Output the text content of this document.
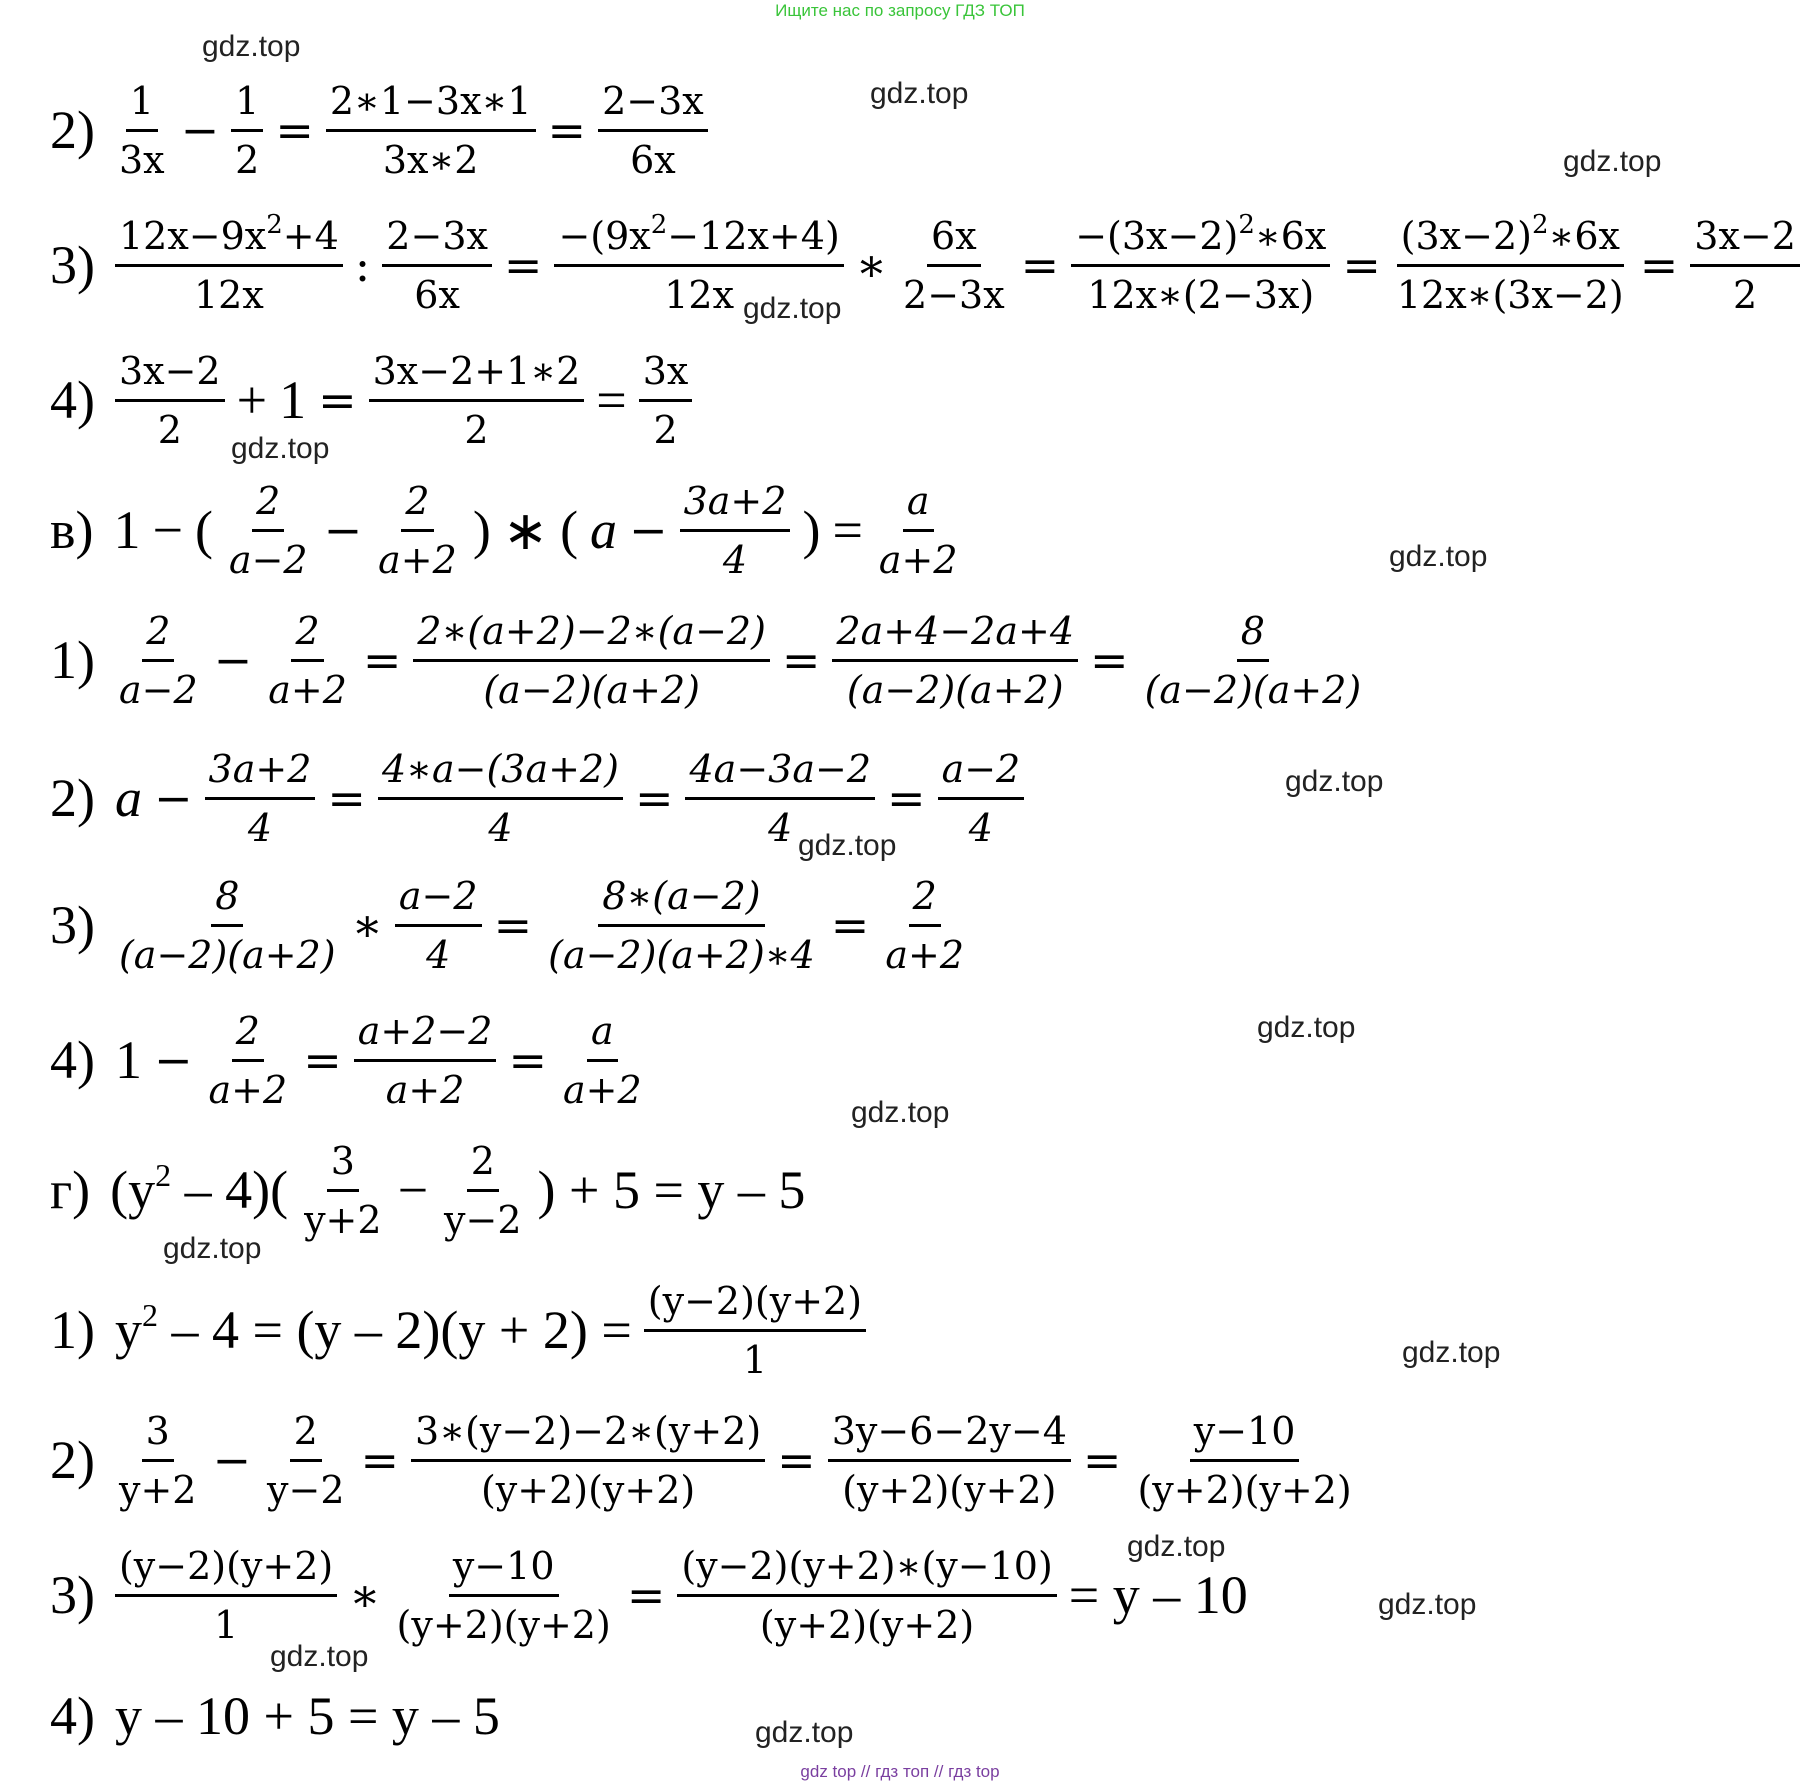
Ищите нас по запросу ГДЗ ТОП
gdz.top
gdz.top
gdz.top
gdz.top
gdz.top
gdz.top
gdz.top
gdz.top
gdz.top
gdz.top
gdz.top
gdz.top
gdz.top
gdz.top
gdz.top
gdz.top
$2) \frac{1}{3x} - \frac{1}{2} = \frac{2∗1-3x∗1}{3x∗2} = \frac{2-3x}{6x}$
$3) \frac{12x-9x^2+4}{12x}$ : $\frac{2-3x}{6x} = \frac{-(9x^2-12x+4)}{12x}$ ∗ $\frac{6x}{2-3x} = \frac{-(3x-2)^2∗6x}{12x∗(2-3x)} = \frac{(3x-2)^2∗6x}{12x∗(3x-2)} = \frac{3x-2}{2}$
$4) \frac{3x-2}{2} + 1 = \frac{3x-2+1∗2}{2} = \frac{3x}{2}$
в) 1 − ( $\frac{2}{a-2} - \frac{2}{a+2}$ ) ∗ ( $a - \frac{3a+2}{4}$ ) = $\frac{a}{a+2}$
$1) \frac{2}{a-2} - \frac{2}{a+2} = \frac{2∗(a+2)-2∗(a-2)}{(a-2)(a+2)} = \frac{2a+4-2a+4}{(a-2)(a+2)} = \frac{8}{(a-2)(a+2)}$
2) $a - \frac{3a+2}{4} = \frac{4∗a-(3a+2)}{4} = \frac{4a-3a-2}{4} = \frac{a-2}{4}$
$3) \frac{8}{(a-2)(a+2)}$ ∗ $\frac{a-2}{4} = \frac{8∗(a-2)}{(a-2)(a+2)∗4} = \frac{2}{a+2}$
4) $1 - \frac{2}{a+2} = \frac{a+2-2}{a+2} = \frac{a}{a+2}$
г) $(y^2 - 4)( \frac{3}{y+2} - \frac{2}{y-2}$ ) + 5 = y – 5
1) $y^2 - 4 = (y - 2)(y + 2) = \frac{(y-2)(y+2)}{1}$
$2) \frac{3}{y+2} - \frac{2}{y-2} = \frac{3∗(y-2)-2∗(y+2)}{(y+2)(y+2)} = \frac{3y-6-2y-4}{(y+2)(y+2)} = \frac{y-10}{(y+2)(y+2)}$
$3) \frac{(y-2)(y+2)}{1}$ ∗ $\frac{y-10}{(y+2)(y+2)} = \frac{(y-2)(y+2)∗(y-10)}{(y+2)(y+2)} = y - 10$
4) y – 10 + 5 = y – 5
gdz top // гдз топ // гдз top
